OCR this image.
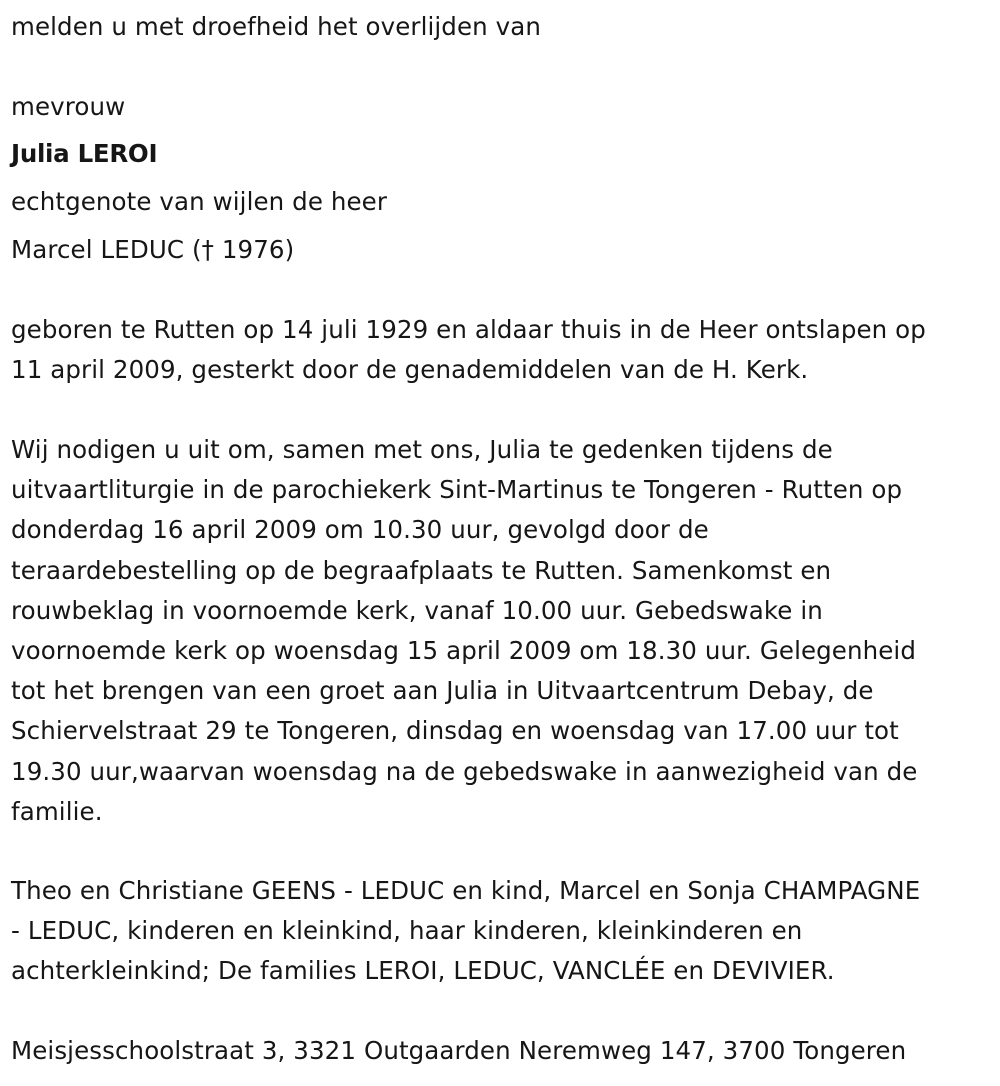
melden u met droefheid het overlijden van
mevrouw
Julia LEROI
echtgenote van wijlen de heer
Marcel LEDUC († 1976)
geboren te Rutten op 14 juli 1929 en aldaar thuis in de Heer ontslapen op
11 april 2009, gesterkt door de genademiddelen van de H. Kerk.
Wij nodigen u uit om, samen met ons, Julia te gedenken tijdens de
uitvaartliturgie in de parochiekerk Sint-Martinus te Tongeren - Rutten op
donderdag 16 april 2009 om 10.30 uur, gevolgd door de
teraardebestelling op de begraafplaats te Rutten. Samenkomst en
rouwbeklag in voornoemde kerk, vanaf 10.00 uur. Gebedswake in
voornoemde kerk op woensdag 15 april 2009 om 18.30 uur. Gelegenheid
tot het brengen van een groet aan Julia in Uitvaartcentrum Debay, de
Schiervelstraat 29 te Tongeren, dinsdag en woensdag van 17.00 uur tot
19.30 uur,waarvan woensdag na de gebedswake in aanwezigheid van de
familie.
Theo en Christiane GEENS - LEDUC en kind, Marcel en Sonja CHAMPAGNE
- LEDUC, kinderen en kleinkind, haar kinderen, kleinkinderen en
achterkleinkind; De families LEROI, LEDUC, VANCLÉE en DEVIVIER.
Meisjesschoolstraat 3, 3321 Outgaarden Neremweg 147, 3700 Tongeren
